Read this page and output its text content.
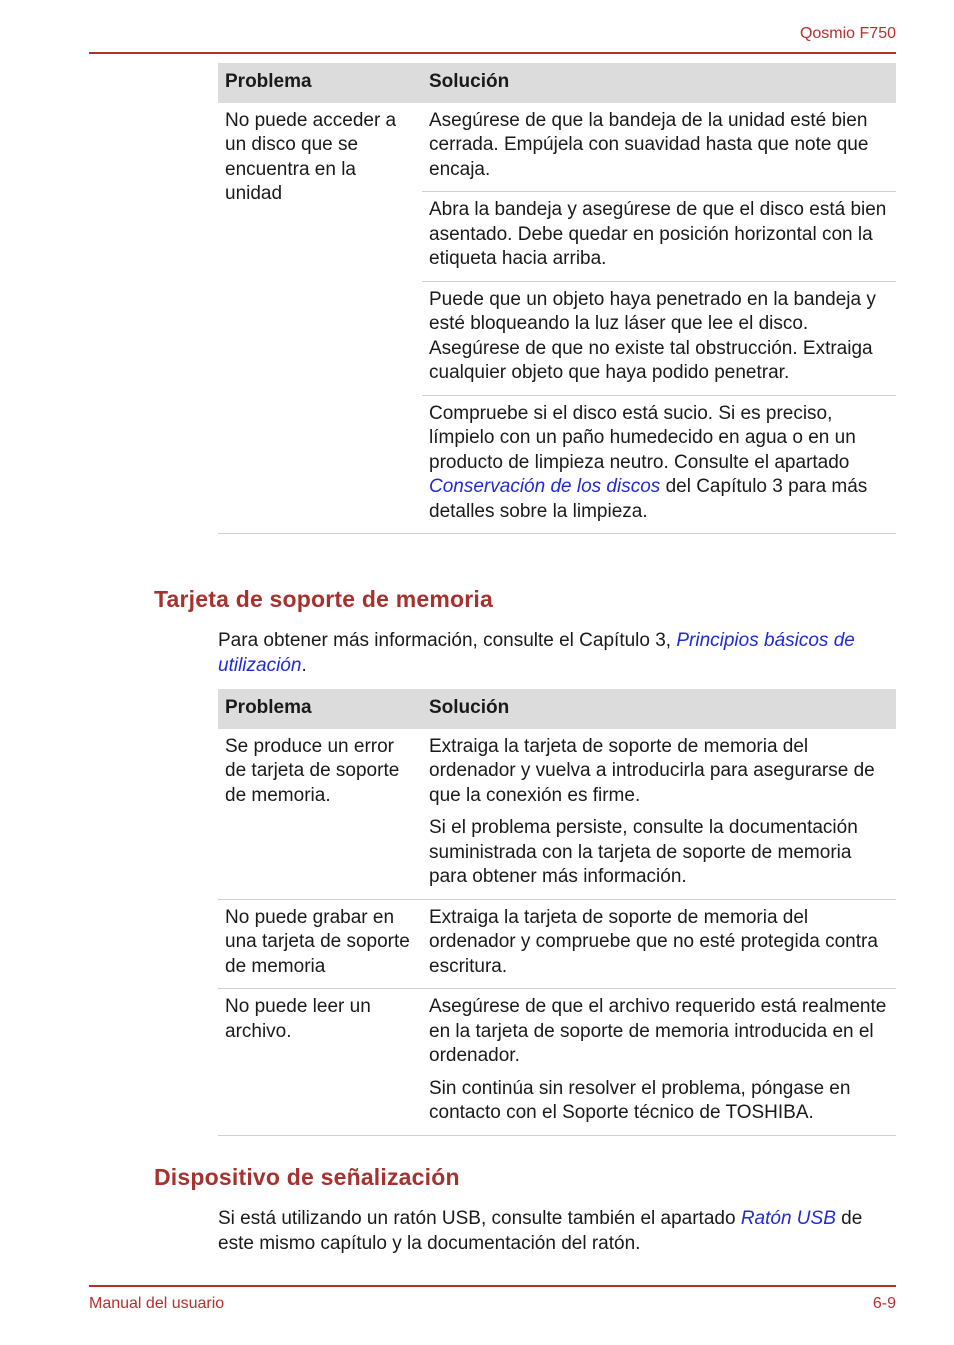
Qosmio F750
Problema	Solución
No puede acceder a un disco que se encuentra en la unidad	Asegúrese de que la bandeja de la unidad esté bien cerrada. Empújela con suavidad hasta que note que encaja.
	Abra la bandeja y asegúrese de que el disco está bien asentado. Debe quedar en posición horizontal con la etiqueta hacia arriba.
	Puede que un objeto haya penetrado en la bandeja y esté bloqueando la luz láser que lee el disco. Asegúrese de que no existe tal obstrucción. Extraiga cualquier objeto que haya podido penetrar.
	Compruebe si el disco está sucio. Si es preciso, límpielo con un paño humedecido en agua o en un producto de limpieza neutro. Consulte el apartado Conservación de los discos del Capítulo 3 para más detalles sobre la limpieza.
Tarjeta de soporte de memoria
Para obtener más información, consulte el Capítulo 3, Principios básicos de utilización.
Problema	Solución
Se produce un error de tarjeta de soporte de memoria.	Extraiga la tarjeta de soporte de memoria del ordenador y vuelva a introducirla para asegurarse de que la conexión es firme.

Si el problema persiste, consulte la documentación suministrada con la tarjeta de soporte de memoria para obtener más información.

No puede grabar en una tarjeta de soporte de memoria	Extraiga la tarjeta de soporte de memoria del ordenador y compruebe que no esté protegida contra escritura.

No puede leer un archivo.	Asegúrese de que el archivo requerido está realmente en la tarjeta de soporte de memoria introducida en el ordenador.

Sin continúa sin resolver el problema, póngase en contacto con el Soporte técnico de TOSHIBA.

Dispositivo de señalización
Si está utilizando un ratón USB, consulte también el apartado Ratón USB de este mismo capítulo y la documentación del ratón.
Manual del usuario	6-9
